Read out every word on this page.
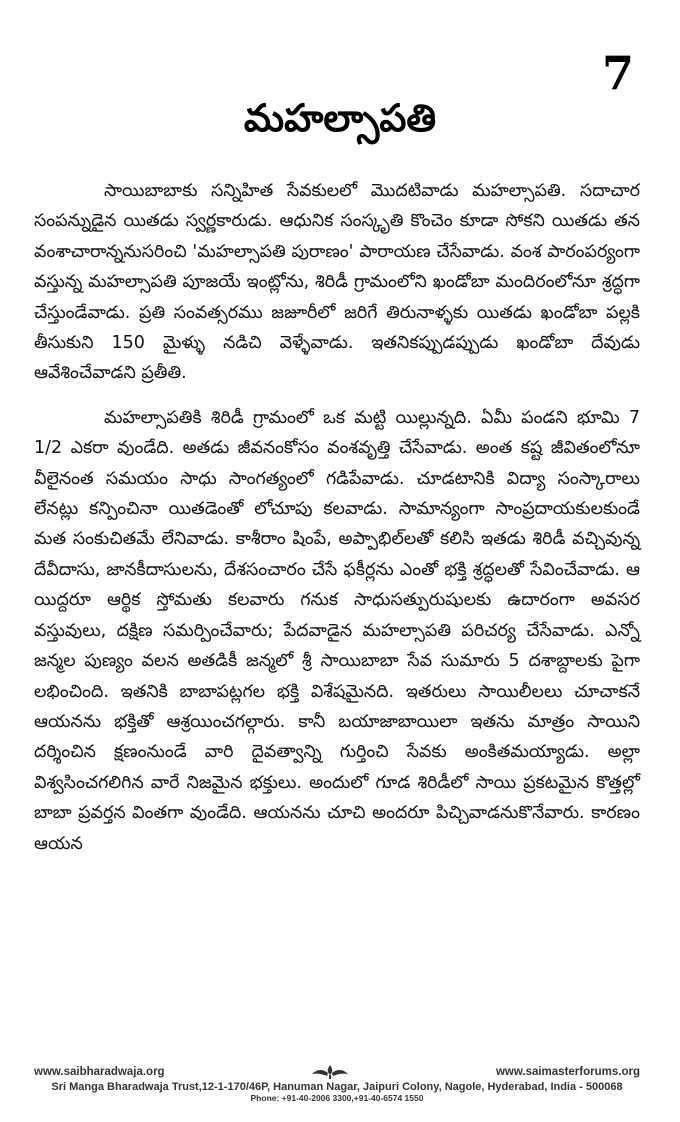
7
మహల్సాపతి

సాయిబాబాకు సన్నిహిత సేవకులలో మొదటివాడు మహల్సాపతి. సదాచార సంపన్నుడైన యితడు స్వర్ణకారుడు. ఆధునిక సంస్కృతి కొంచెం కూడా సోకని యితడు తన వంశాచారాన్ననుసరించి 'మహల్సాపతి పురాణం' పారాయణ చేసేవాడు. వంశ పారంపర్యంగా వస్తున్న మహల్సాపతి పూజయే ఇంట్లోను, శిరిడీ గ్రామంలోని ఖండోబా మందిరంలోనూ శ్రద్ధగా చేస్తుండేవాడు. ప్రతి సంవత్సరము జజూరీలో జరిగే తిరునాళ్ళకు యితడు ఖండోబా పల్లకి తీసుకుని 150 మైళ్ళు నడిచి వెళ్ళేవాడు. ఇతనికప్పుడప్పుడు ఖండోబా దేవుడు ఆవేశించేవాడని ప్రతీతి.

మహల్సాపతికి శిరిడీ గ్రామంలో ఒక మట్టి యిల్లున్నది. ఏమీ పండని భూమి 7 1/2 ఎకరా వుండేది. అతడు జీవనంకోసం వంశవృత్తి చేసేవాడు. అంత కష్ట జీవితంలోనూ వీలైనంత సమయం సాధు సాంగత్యంలో గడిపేవాడు. చూడటానికి విద్యా సంస్కారాలు లేనట్లు కన్పించినా యితడెంతో లోచూపు కలవాడు. సామాన్యంగా సాంప్రదాయకులకుండే మత సంకుచితమే లేనివాడు. కాశీరాం షింపే, అప్పాభిల్‌లతో కలిసి ఇతడు శిరిడీ వచ్చివున్న దేవీదాసు, జానకీదాసులను, దేశసంచారం చేసే ఫకీర్లను ఎంతో భక్తి శ్రద్ధలతో సేవించేవాడు. ఆ యిద్దరూ ఆర్థిక స్తోమతు కలవారు గనుక సాధుసత్పురుషులకు ఉదారంగా అవసర వస్తువులు, దక్షిణ సమర్పించేవారు; పేదవాడైన మహల్సాపతి పరిచర్య చేసేవాడు. ఎన్నో జన్మల పుణ్యం వలన అతడికీ జన్మలో శ్రీ సాయిబాబా సేవ సుమారు 5 దశాబ్దాలకు పైగా లభించింది. ఇతనికి బాబాపట్లగల భక్తి విశేషమైనది. ఇతరులు సాయిలీలలు చూచాకనే ఆయనను భక్తితో ఆశ్రయించగల్గారు. కానీ బయాజాబాయిలా ఇతను మాత్రం సాయిని దర్శించిన క్షణంనుండే వారి దైవత్వాన్ని గుర్తించి సేవకు అంకితమయ్యాడు. అల్లా విశ్వసించగలిగిన వారే నిజమైన భక్తులు. అందులో గూడ శిరిడీలో సాయి ప్రకటమైన కొత్తల్లో బాబా ప్రవర్తన వింతగా వుండేది. ఆయనను చూచి అందరూ పిచ్చివాడనుకొనేవారు. కారణం ఆయన

www.saibharadwaja.org	www.saimasterforums.org
Sri Manga Bharadwaja Trust,12-1-170/46P, Hanuman Nagar, Jaipuri Colony, Nagole, Hyderabad, India - 500068
Phone: +91-40-2006 3300,+91-40-6574 1550
